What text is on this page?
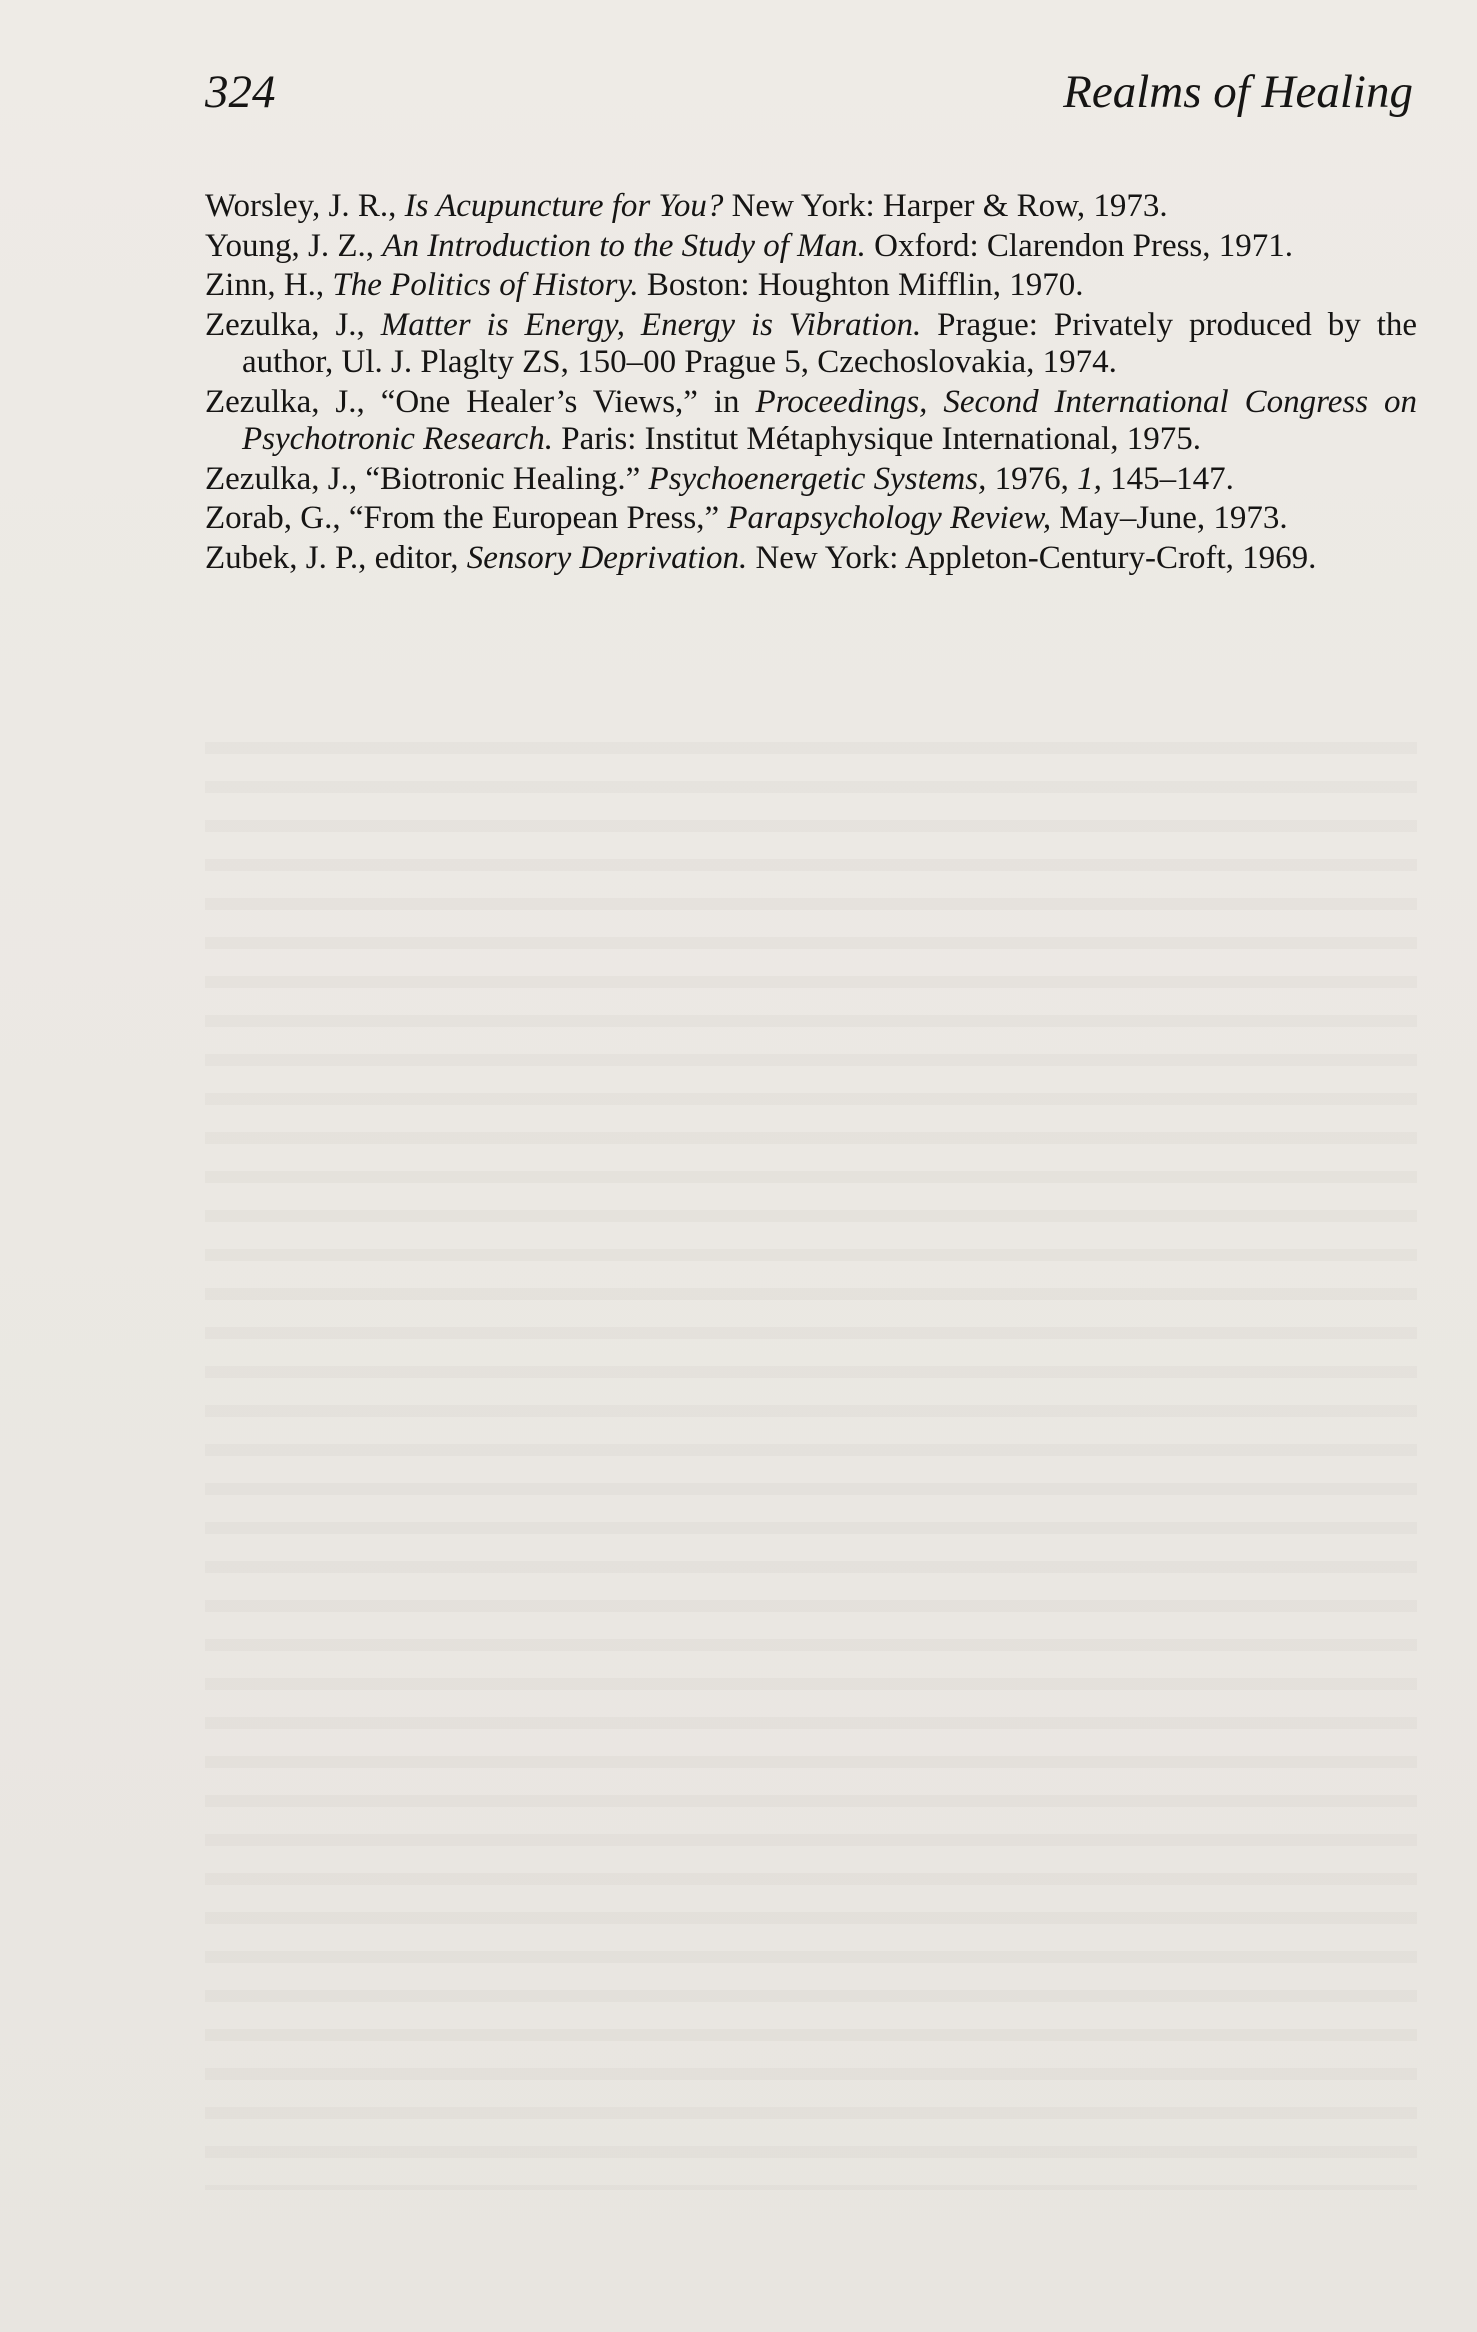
324	Realms of Healing

Worsley, J. R., Is Acupuncture for You? New York: Harper & Row, 1973.

Young, J. Z., An Introduction to the Study of Man. Oxford: Clarendon Press, 1971.

Zinn, H., The Politics of History. Boston: Houghton Mifflin, 1970.

Zezulka, J., Matter is Energy, Energy is Vibration. Prague: Privately produced by the author, Ul. J. Plaglty ZS, 150–00 Prague 5, Czechoslovakia, 1974.

Zezulka, J., “One Healer’s Views,” in Proceedings, Second International Congress on Psychotronic Research. Paris: Institut Métaphysique International, 1975.

Zezulka, J., “Biotronic Healing.” Psychoenergetic Systems, 1976, 1, 145–147.

Zorab, G., “From the European Press,” Parapsychology Review, May–June, 1973.

Zubek, J. P., editor, Sensory Deprivation. New York: Appleton-Century-Croft, 1969.
